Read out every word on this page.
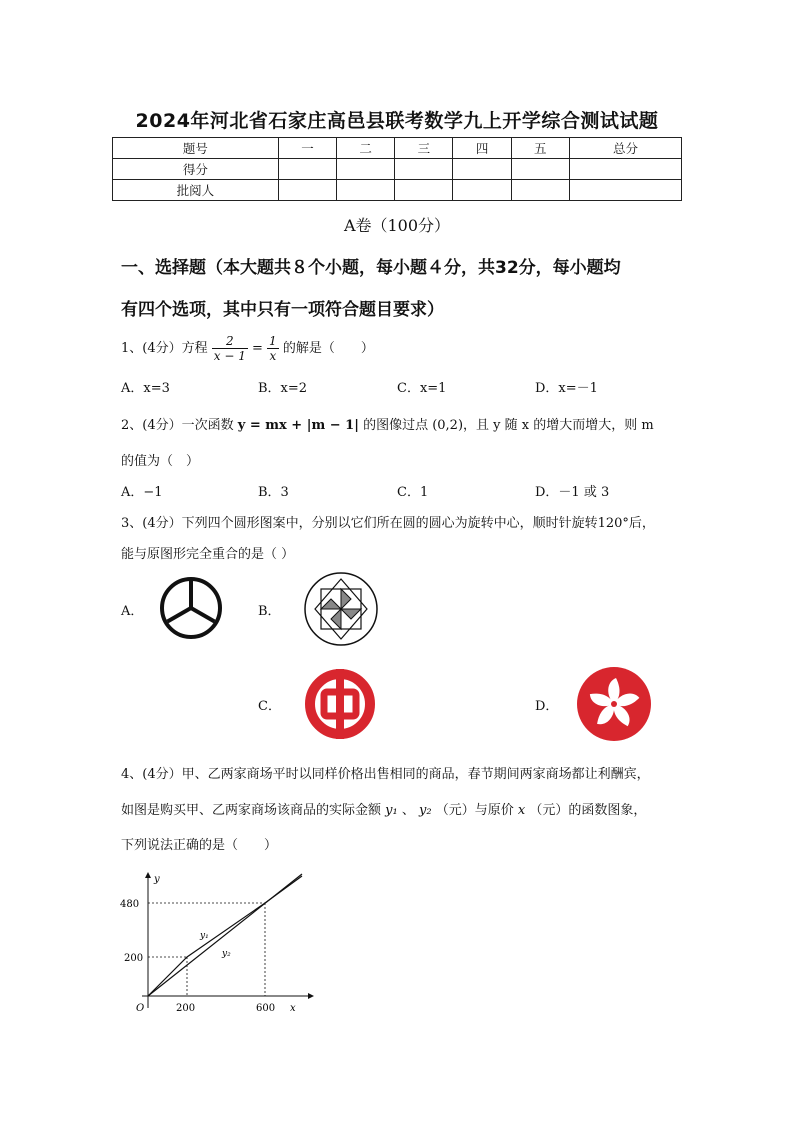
2024年河北省石家庄高邑县联考数学九上开学综合测试试题
题号	一	二	三	四	五	总分
得分						
批阅人						
A卷（100分）
一、选择题（本大题共８个小题，每小题４分，共32分，每小题均
有四个选项，其中只有一项符合题目要求）
1、(4分）方程 $\frac{2}{x - 1} = \frac{1}{x}$ 的解是（　　）
A．x=3	B．x=2	C．x=1	D．x=－1
2、(4分）一次函数 y = mx + |m − 1| 的图像过点 (0,2)，且 y 随 x 的增大而增大，则 m
的值为（　）
A．−1	B．3	C．1	D．－1 或 3
3、(4分）下列四个圆形图案中，分别以它们所在圆的圆心为旋转中心，顺时针旋转120°后，
能与原图形完全重合的是（ ）
A．	B．
C．	D．
4、(4分）甲、乙两家商场平时以同样价格出售相同的商品，春节期间两家商场都让利酬宾，
如图是购买甲、乙两家商场该商品的实际金额 y₁ 、 y₂ （元）与原价 x （元）的函数图象，
下列说法正确的是（　　）
y
x
O
480
200
200	600
y₁
y₂
